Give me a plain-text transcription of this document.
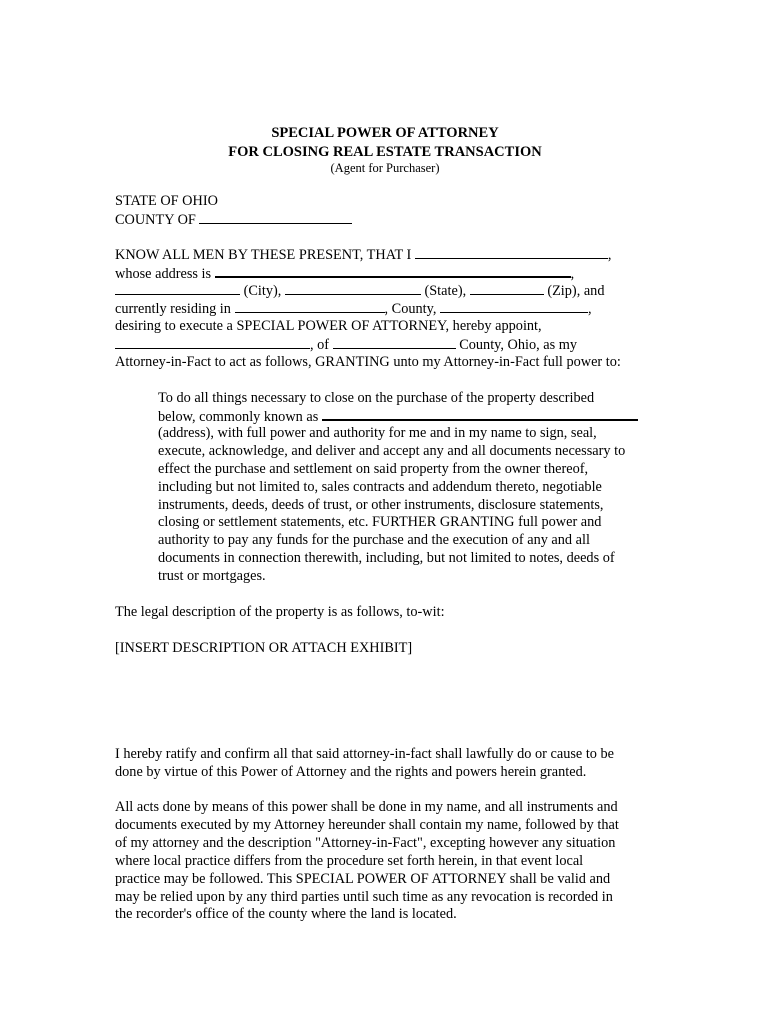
SPECIAL POWER OF ATTORNEY
FOR CLOSING REAL ESTATE TRANSACTION
(Agent for Purchaser)
STATE OF OHIO
COUNTY OF
KNOW ALL MEN BY THESE PRESENT, THAT I	,
whose address is	,
(City),	(State),	(Zip), and
currently residing in	, County,	,
desiring to execute a SPECIAL POWER OF ATTORNEY, hereby appoint,
, of	County, Ohio, as my
Attorney-in-Fact to act as follows, GRANTING unto my Attorney-in-Fact full power to:
To do all things necessary to close on the purchase of the property described
below, commonly known as
(address), with full power and authority for me and in my name to sign, seal,
execute, acknowledge, and deliver and accept any and all documents necessary to
effect the purchase and settlement on said property from the owner thereof,
including but not limited to, sales contracts and addendum thereto, negotiable
instruments, deeds, deeds of trust, or other instruments, disclosure statements,
closing or settlement statements, etc. FURTHER GRANTING full power and
authority to pay any funds for the purchase and the execution of any and all
documents in connection therewith, including, but not limited to notes, deeds of
trust or mortgages.
The legal description of the property is as follows, to-wit:
[INSERT DESCRIPTION OR ATTACH EXHIBIT]
I hereby ratify and confirm all that said attorney-in-fact shall lawfully do or cause to be
done by virtue of this Power of Attorney and the rights and powers herein granted.
All acts done by means of this power shall be done in my name, and all instruments and
documents executed by my Attorney hereunder shall contain my name, followed by that
of my attorney and the description "Attorney-in-Fact", excepting however any situation
where local practice differs from the procedure set forth herein, in that event local
practice may be followed. This SPECIAL POWER OF ATTORNEY shall be valid and
may be relied upon by any third parties until such time as any revocation is recorded in
the recorder's office of the county where the land is located.
